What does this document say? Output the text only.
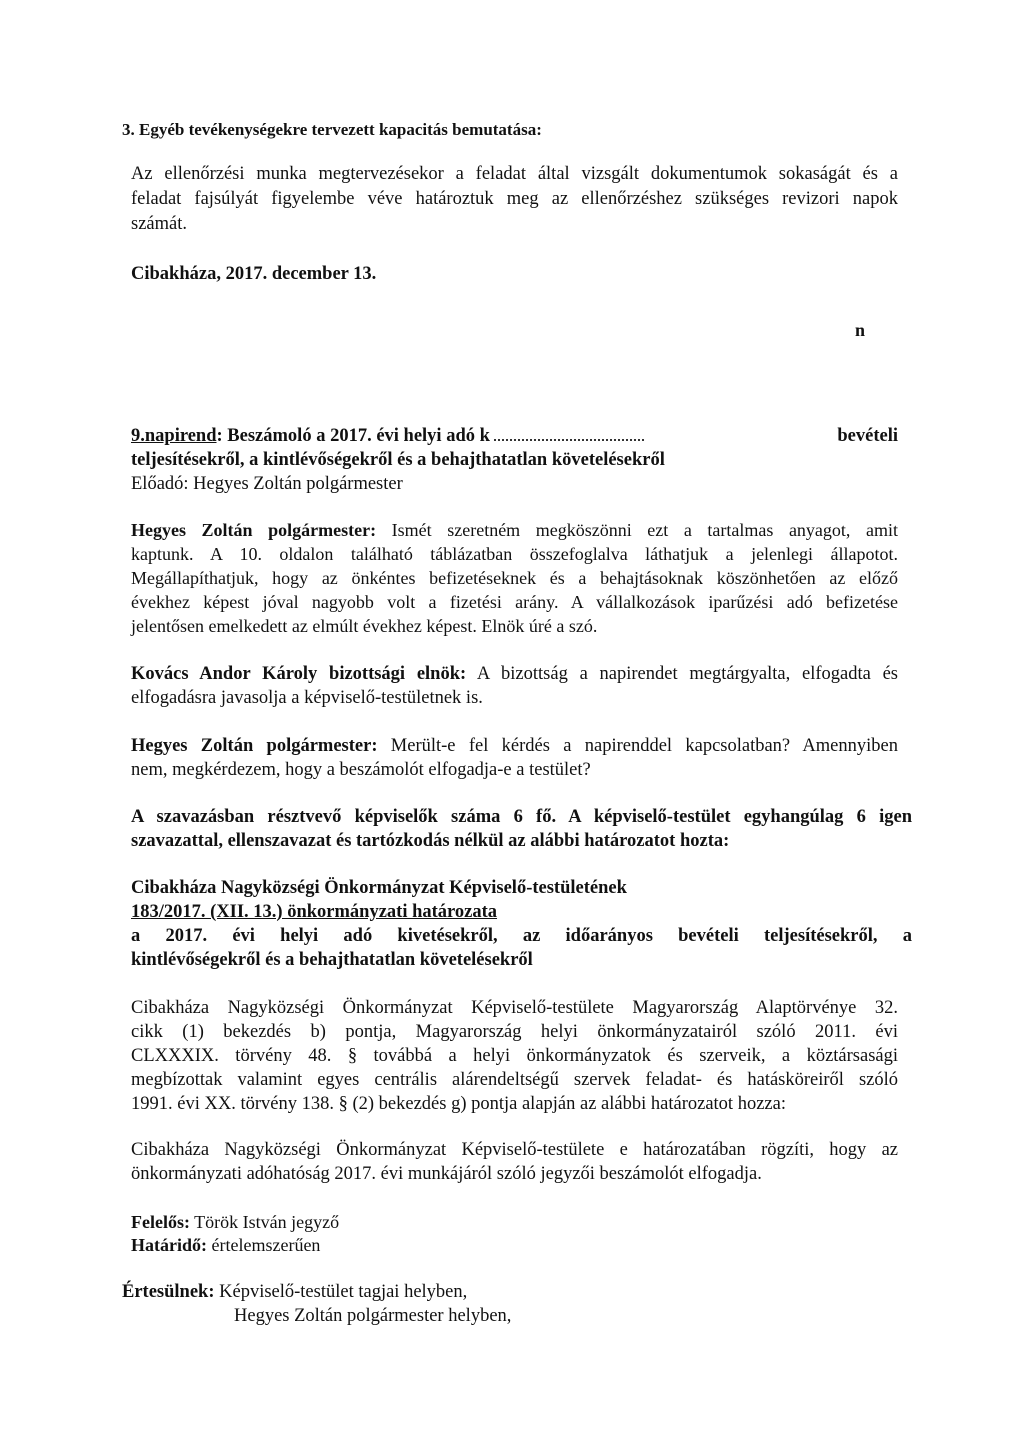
3. Egyéb tevékenységekre tervezett kapacitás bemutatása:
Az ellenőrzési munka megtervezésekor a feladat által vizsgált dokumentumok sokaságát és a
feladat fajsúlyát figyelembe véve határoztuk meg az ellenőrzéshez szükséges revizori napok
számát.
Cibakháza, 2017. december 13.
n
9.napirend: Beszámoló a 2017. évi helyi adó k	bevételi
teljesítésekről, a kintlévőségekről és a behajthatatlan követelésekről
Előadó: Hegyes Zoltán polgármester
Hegyes Zoltán polgármester: Ismét szeretném megköszönni ezt a tartalmas anyagot, amit
kaptunk. A 10. oldalon található táblázatban összefoglalva láthatjuk a jelenlegi állapotot.
Megállapíthatjuk, hogy az önkéntes befizetéseknek és a behajtásoknak köszönhetően az előző
évekhez képest jóval nagyobb volt a fizetési arány. A vállalkozások iparűzési adó befizetése
jelentősen emelkedett az elmúlt évekhez képest. Elnök úré a szó.
Kovács Andor Károly bizottsági elnök: A bizottság a napirendet megtárgyalta, elfogadta és
elfogadásra javasolja a képviselő-testületnek is.
Hegyes Zoltán polgármester: Merült-e fel kérdés a napirenddel kapcsolatban? Amennyiben
nem, megkérdezem, hogy a beszámolót elfogadja-e a testület?
A szavazásban résztvevő képviselők száma 6 fő. A képviselő-testület egyhangúlag 6 igen
szavazattal, ellenszavazat és tartózkodás nélkül az alábbi határozatot hozta:
Cibakháza Nagyközségi Önkormányzat Képviselő-testületének
183/2017. (XII. 13.) önkormányzati határozata
a 2017. évi helyi adó kivetésekről, az időarányos bevételi teljesítésekről, a
kintlévőségekről és a behajthatatlan követelésekről
Cibakháza Nagyközségi Önkormányzat Képviselő-testülete Magyarország Alaptörvénye 32.
cikk (1) bekezdés b) pontja, Magyarország helyi önkormányzatairól szóló 2011. évi
CLXXXIX. törvény 48. § továbbá a helyi önkormányzatok és szerveik, a köztársasági
megbízottak valamint egyes centrális alárendeltségű szervek feladat- és hatásköreiről szóló
1991. évi XX. törvény 138. § (2) bekezdés g) pontja alapján az alábbi határozatot hozza:
Cibakháza Nagyközségi Önkormányzat Képviselő-testülete e határozatában rögzíti, hogy az
önkormányzati adóhatóság 2017. évi munkájáról szóló jegyzői beszámolót elfogadja.
Felelős: Török István jegyző
Határidő: értelemszerűen
Értesülnek: Képviselő-testület tagjai helyben,
Hegyes Zoltán polgármester helyben,
